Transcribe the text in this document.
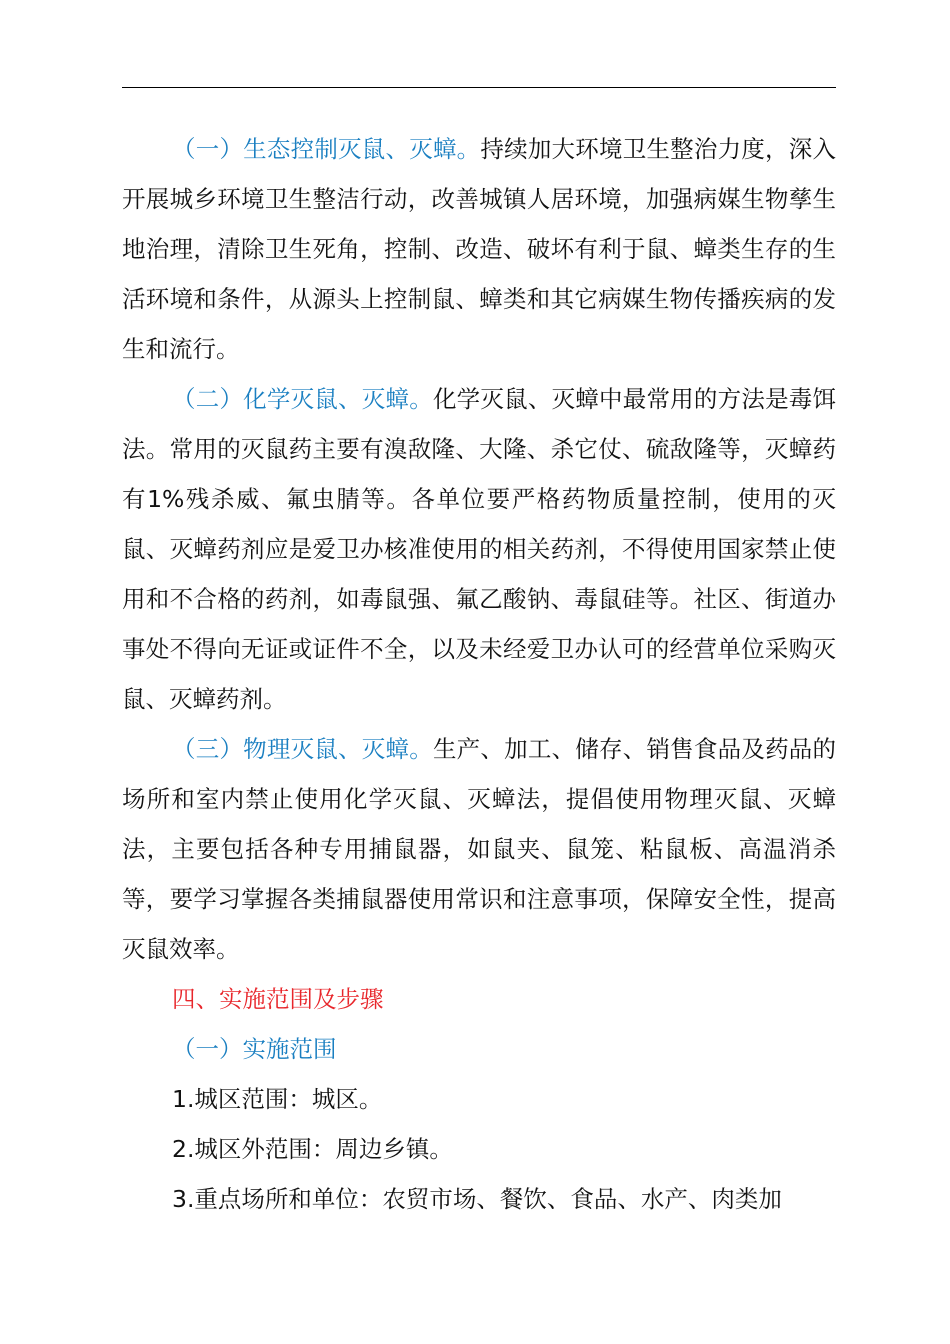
（一）生态控制灭鼠、灭蟑。持续加大环境卫生整治力度，深入开展城乡环境卫生整洁行动，改善城镇人居环境，加强病媒生物孳生地治理，清除卫生死角，控制、改造、破坏有利于鼠、蟑类生存的生活环境和条件，从源头上控制鼠、蟑类和其它病媒生物传播疾病的发生和流行。

（二）化学灭鼠、灭蟑。化学灭鼠、灭蟑中最常用的方法是毒饵法。常用的灭鼠药主要有溴敌隆、大隆、杀它仗、硫敌隆等，灭蟑药有1%残杀威、氟虫腈等。各单位要严格药物质量控制，使用的灭鼠、灭蟑药剂应是爱卫办核准使用的相关药剂，不得使用国家禁止使用和不合格的药剂，如毒鼠强、氟乙酸钠、毒鼠硅等。社区、街道办事处不得向无证或证件不全，以及未经爱卫办认可的经营单位采购灭鼠、灭蟑药剂。

（三）物理灭鼠、灭蟑。生产、加工、储存、销售食品及药品的场所和室内禁止使用化学灭鼠、灭蟑法，提倡使用物理灭鼠、灭蟑法，主要包括各种专用捕鼠器，如鼠夹、鼠笼、粘鼠板、高温消杀等，要学习掌握各类捕鼠器使用常识和注意事项，保障安全性，提高灭鼠效率。

四、实施范围及步骤

（一）实施范围

1.城区范围：城区。

2.城区外范围：周边乡镇。

3.重点场所和单位：农贸市场、餐饮、食品、水产、肉类加
